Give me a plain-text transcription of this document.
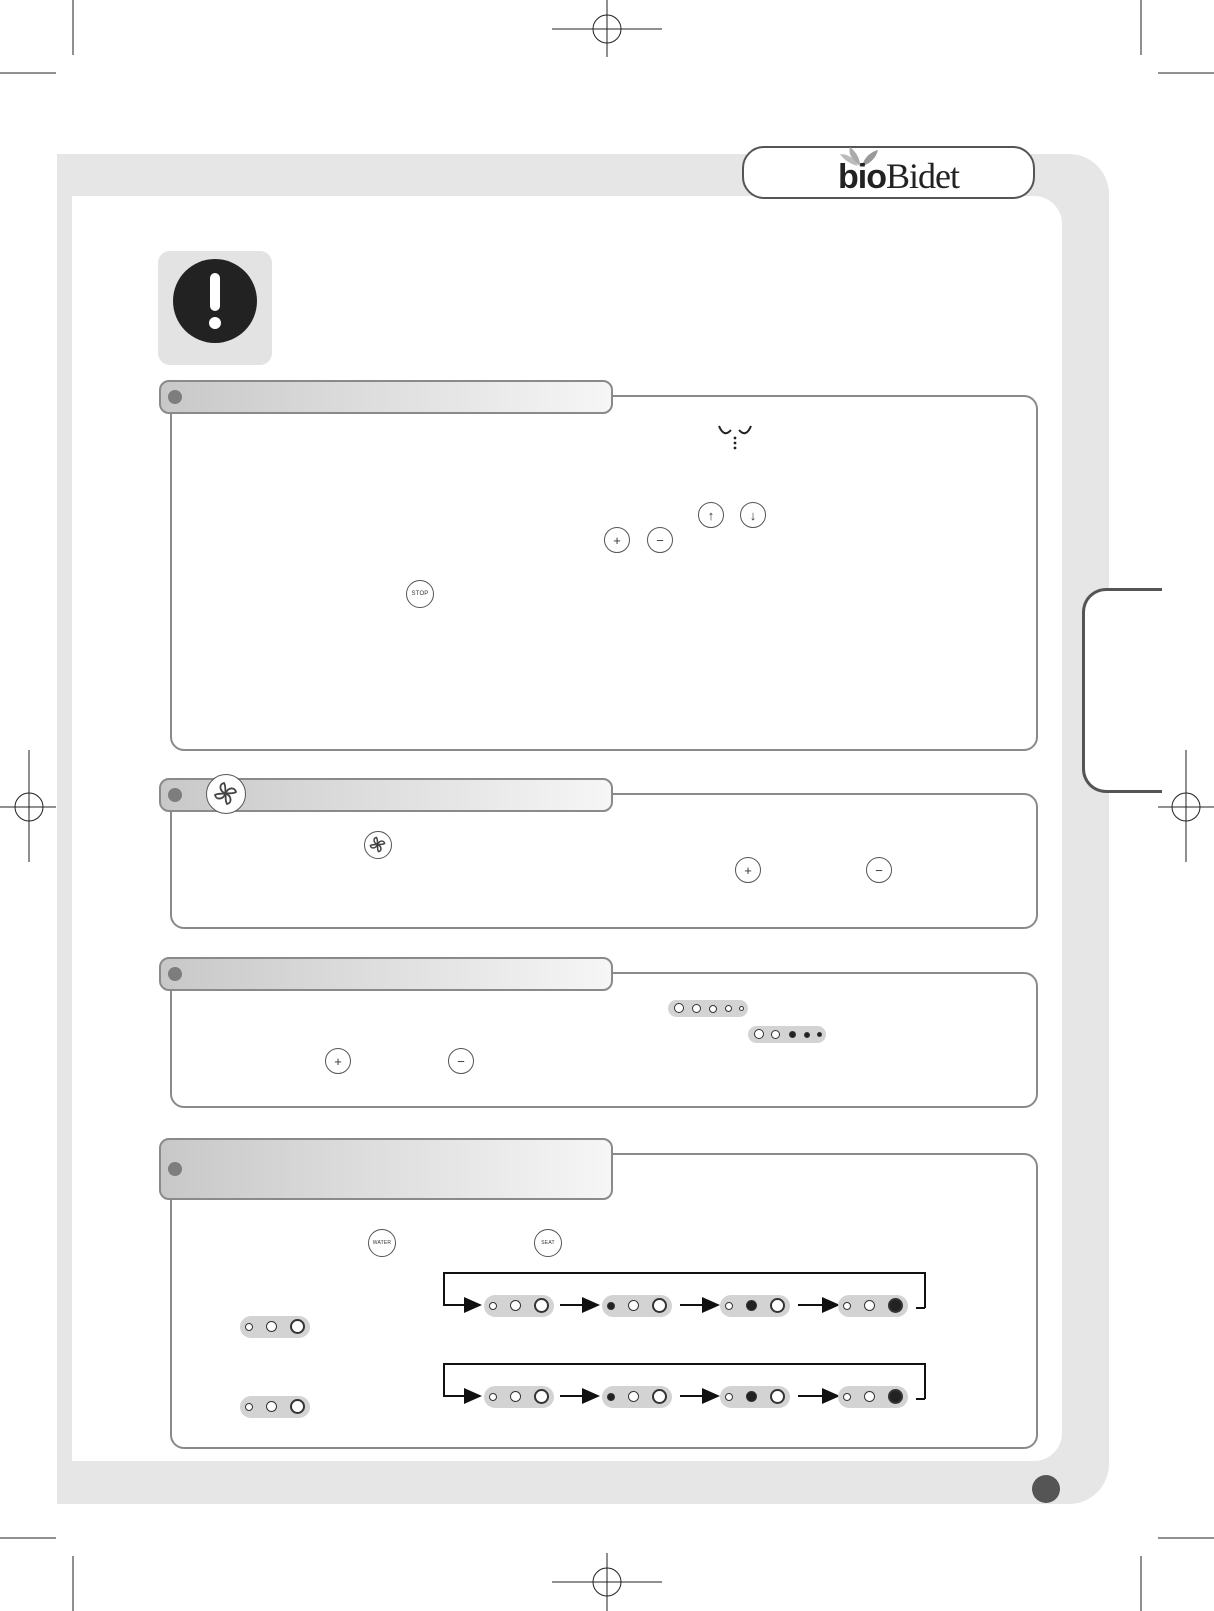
bioBidet
↑	↓
+	−
STOP
+	−
+	−
WATER	SEAT
